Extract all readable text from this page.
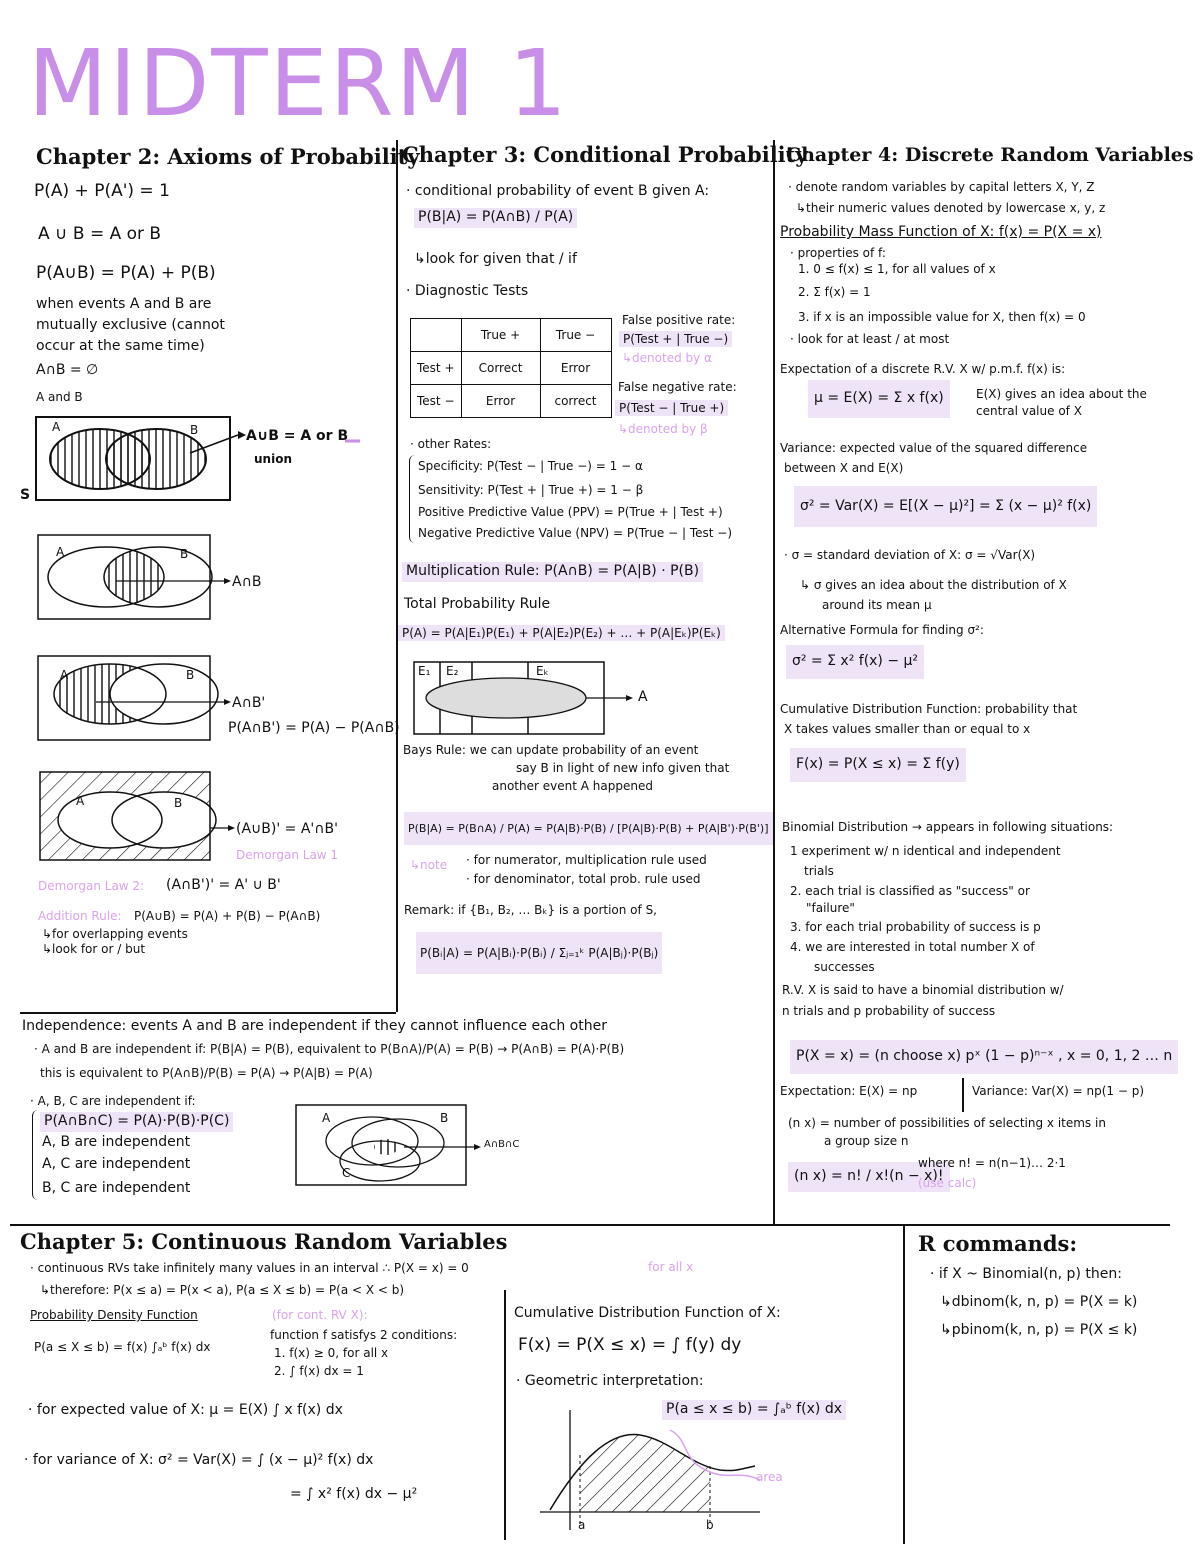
MIDTERM 1
Chapter 2: Axioms of Probability
P(A) + P(A') = 1
A ∪ B = A or B
P(A∪B) = P(A) + P(B)
when events A and B are
mutually exclusive (cannot
occur at the same time)
A∩B = ∅
A and B
A	B
S
A∪B = A or B
union
A	B
A∩B
A	B
A∩B'
P(A∩B') = P(A) − P(A∩B)
A	B
(A∪B)' = A'∩B'
Demorgan Law 1
Demorgan Law 2: (A∩B')' = A' ∪ B'
Addition Rule: P(A∪B) = P(A) + P(B) − P(A∩B)
↳for overlapping events
↳look for or / but
Chapter 3: Conditional Probability
· conditional probability of event B given A:
P(B|A) = P(A∩B) / P(A)
↳look for given that / if
· Diagnostic Tests
	True +	True −
Test +	Correct	Error
Test −	Error	correct
False positive rate:
P(Test + | True −)
↳denoted by α
False negative rate:
P(Test − | True +)
↳denoted by β
· other Rates:
Specificity: P(Test − | True −) = 1 − α
Sensitivity: P(Test + | True +) = 1 − β
Positive Predictive Value (PPV) = P(True + | Test +)
Negative Predictive Value (NPV) = P(True − | Test −)
Multiplication Rule: P(A∩B) = P(A|B) · P(B)
Total Probability Rule
P(A) = P(A|E₁)P(E₁) + P(A|E₂)P(E₂) + … + P(A|Eₖ)P(Eₖ)
E₁ E₂	Eₖ
A
Bays Rule: we can update probability of an event
say B in light of new info given that
another event A happened
P(B|A) = P(B∩A) / P(A) = P(A|B)·P(B) / [P(A|B)·P(B) + P(A|B')·P(B')]
↳note · for numerator, multiplication rule used
· for denominator, total prob. rule used
Remark: if {B₁, B₂, … Bₖ} is a portion of S,
P(Bᵢ|A) = P(A|Bᵢ)·P(Bᵢ) / Σⱼ₌₁ᵏ P(A|Bⱼ)·P(Bⱼ)
Chapter 4: Discrete Random Variables
· denote random variables by capital letters X, Y, Z
↳their numeric values denoted by lowercase x, y, z
Probability Mass Function of X: f(x) = P(X = x)
· properties of f:
1. 0 ≤ f(x) ≤ 1, for all values of x
2. Σ f(x) = 1
3. if x is an impossible value for X, then f(x) = 0
· look for at least / at most
Expectation of a discrete R.V. X w/ p.m.f. f(x) is:
μ = E(X) = Σ x f(x)	E(X) gives an idea about the
central value of X
Variance: expected value of the squared difference
between X and E(X)
σ² = Var(X) = E[(X − μ)²] = Σ (x − μ)² f(x)
· σ = standard deviation of X: σ = √Var(X)
↳ σ gives an idea about the distribution of X
around its mean μ
Alternative Formula for finding σ²:
σ² = Σ x² f(x) − μ²
Cumulative Distribution Function: probability that
X takes values smaller than or equal to x
F(x) = P(X ≤ x) = Σ f(y)
Binomial Distribution → appears in following situations:
1 experiment w/ n identical and independent
trials
2. each trial is classified as "success" or
"failure"
3. for each trial probability of success is p
4. we are interested in total number X of
successes
R.V. X is said to have a binomial distribution w/
n trials and p probability of success
P(X = x) = (n choose x) pˣ (1 − p)ⁿ⁻ˣ , x = 0, 1, 2 … n
Expectation: E(X) = np	Variance: Var(X) = np(1 − p)
(n x) = number of possibilities of selecting x items in
a group size n
(n x) = n! / x!(n − x)!
where n! = n(n−1)… 2·1
(use calc)
Independence: events A and B are independent if they cannot influence each other
· A and B are independent if: P(B|A) = P(B), equivalent to P(B∩A)/P(A) = P(B) → P(A∩B) = P(A)·P(B)
this is equivalent to P(A∩B)/P(B) = P(A) → P(A|B) = P(A)
· A, B, C are independent if:
P(A∩B∩C) = P(A)·P(B)·P(C)
A, B are independent
A, C are independent
B, C are independent
A	B
C
A∩B∩C
Chapter 5: Continuous Random Variables
· continuous RVs take infinitely many values in an interval ∴ P(X = x) = 0	for all x
↳therefore: P(x ≤ a) = P(x < a), P(a ≤ X ≤ b) = P(a < X < b)
Probability Density Function	(for cont. RV X):
P(a ≤ X ≤ b) = f(x) ∫ₐᵇ f(x) dx
function f satisfys 2 conditions:
1. f(x) ≥ 0, for all x
2. ∫ f(x) dx = 1
· for expected value of X: μ = E(X) ∫ x f(x) dx
· for variance of X: σ² = Var(X) = ∫ (x − μ)² f(x) dx
= ∫ x² f(x) dx − μ²
Cumulative Distribution Function of X:
F(x) = P(X ≤ x) = ∫ f(y) dy
· Geometric interpretation:
P(a ≤ x ≤ b) = ∫ₐᵇ f(x) dx
area
a	b
R commands:
· if X ~ Binomial(n, p) then:
↳dbinom(k, n, p) = P(X = k)
↳pbinom(k, n, p) = P(X ≤ k)
